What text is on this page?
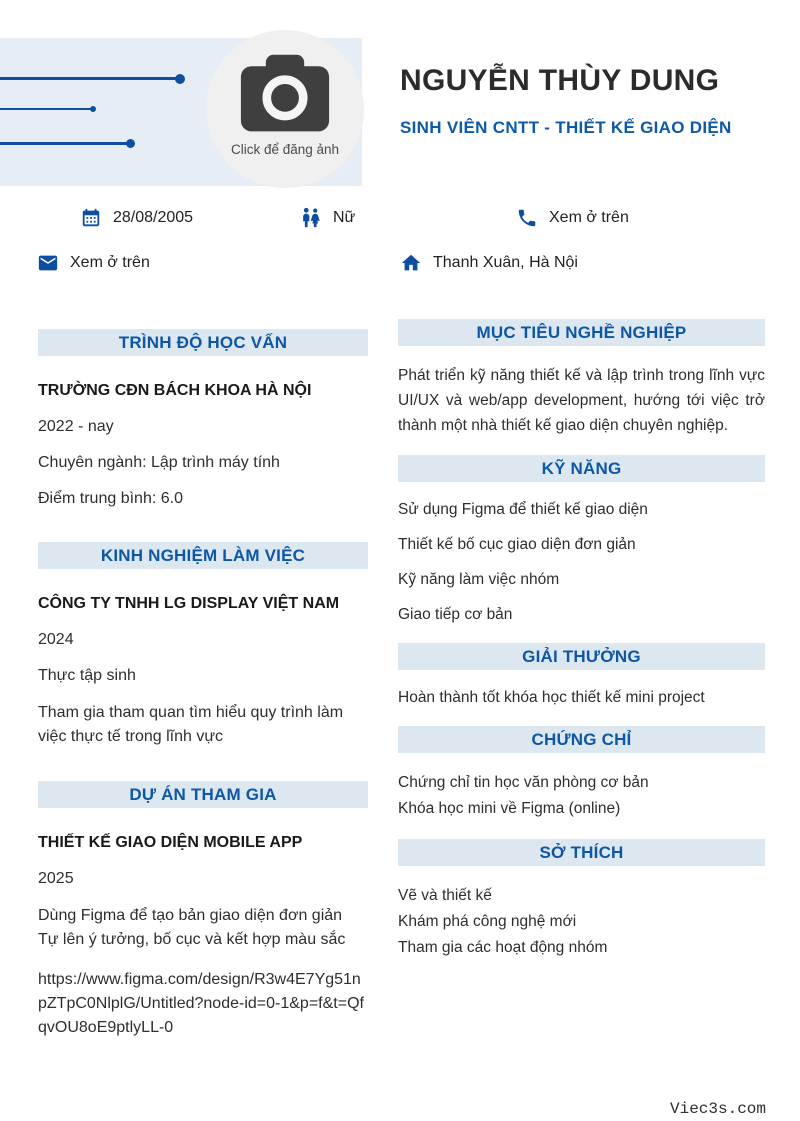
Click để đăng ảnh
NGUYỄN THÙY DUNG
SINH VIÊN CNTT - THIẾT KẾ GIAO DIỆN
28/08/2005	Nữ	Xem ở trên
Xem ở trên	Thanh Xuân, Hà Nội
TRÌNH ĐỘ HỌC VẤN
TRƯỜNG CĐN BÁCH KHOA HÀ NỘI
2022 - nay
Chuyên ngành: Lập trình máy tính
Điểm trung bình: 6.0
KINH NGHIỆM LÀM VIỆC
CÔNG TY TNHH LG DISPLAY VIỆT NAM
2024
Thực tập sinh
Tham gia tham quan tìm hiểu quy trình làm việc thực tế trong lĩnh vực
DỰ ÁN THAM GIA
THIẾT KẾ GIAO DIỆN MOBILE APP
2025
Dùng Figma để tạo bản giao diện đơn giản
Tự lên ý tưởng, bố cục và kết hợp màu sắc
https://www.figma.com/design/R3w4E7Yg51npZTpC0NlplG/Untitled?node-id=0-1&p=f&t=QfqvOU8oE9ptlyLL-0
MỤC TIÊU NGHỀ NGHIỆP
Phát triển kỹ năng thiết kế và lập trình trong lĩnh vực UI/UX và web/app development, hướng tới việc trở thành một nhà thiết kế giao diện chuyên nghiệp.
KỸ NĂNG
Sử dụng Figma để thiết kế giao diện
Thiết kế bố cục giao diện đơn giản
Kỹ năng làm việc nhóm
Giao tiếp cơ bản
GIẢI THƯỞNG
Hoàn thành tốt khóa học thiết kế mini project
CHỨNG CHỈ
Chứng chỉ tin học văn phòng cơ bản
Khóa học mini về Figma (online)
SỞ THÍCH
Vẽ và thiết kế
Khám phá công nghệ mới
Tham gia các hoạt động nhóm
Viec3s.com
